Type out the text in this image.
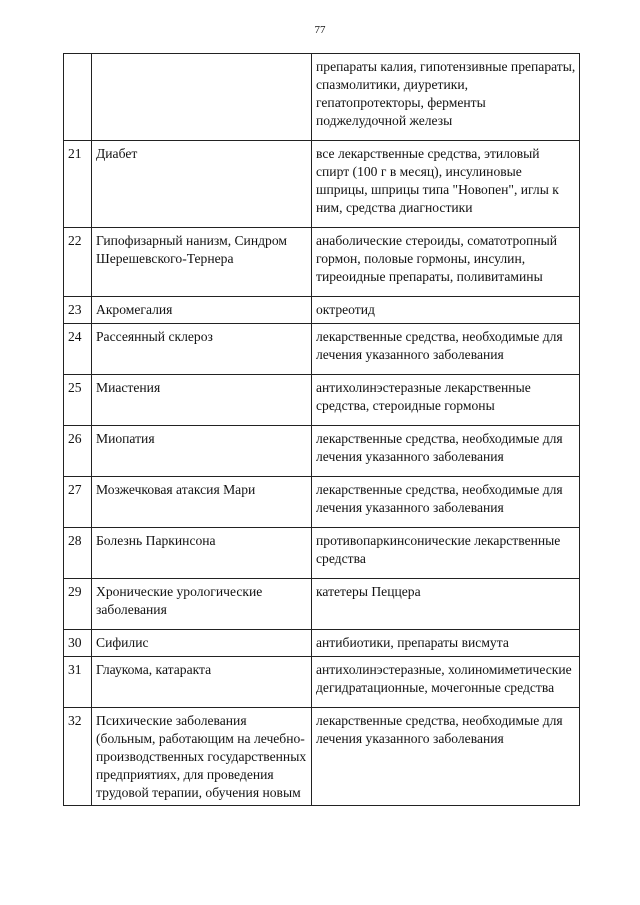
77
		препараты калия, гипотензивные препараты, спазмолитики, диуретики, гепатопротекторы, ферменты поджелудочной железы
21	Диабет	все лекарственные средства, этиловый спирт (100 г в месяц), инсулиновые шприцы, шприцы типа "Новопен", иглы к ним, средства диагностики
22	Гипофизарный нанизм, Синдром Шерешевского-Тернера	анаболические стероиды, соматотропный гормон, половые гормоны, инсулин, тиреоидные препараты, поливитамины
23	Акромегалия	октреотид
24	Рассеянный склероз	лекарственные средства, необходимые для лечения указанного заболевания
25	Миастения	антихолинэстеразные лекарственные средства, стероидные гормоны
26	Миопатия	лекарственные средства, необходимые для лечения указанного заболевания
27	Мозжечковая атаксия Мари	лекарственные средства, необходимые для лечения указанного заболевания
28	Болезнь Паркинсона	противопаркинсонические лекарственные средства
29	Хронические урологические заболевания	катетеры Пеццера
30	Сифилис	антибиотики, препараты висмута
31	Глаукома, катаракта	антихолинэстеразные, холиномиметические дегидратационные, мочегонные средства
32	Психические заболевания (больным, работающим на лечебно-производственных государственных предприятиях, для проведения трудовой терапии, обучения новым	лекарственные средства, необходимые для лечения указанного заболевания
